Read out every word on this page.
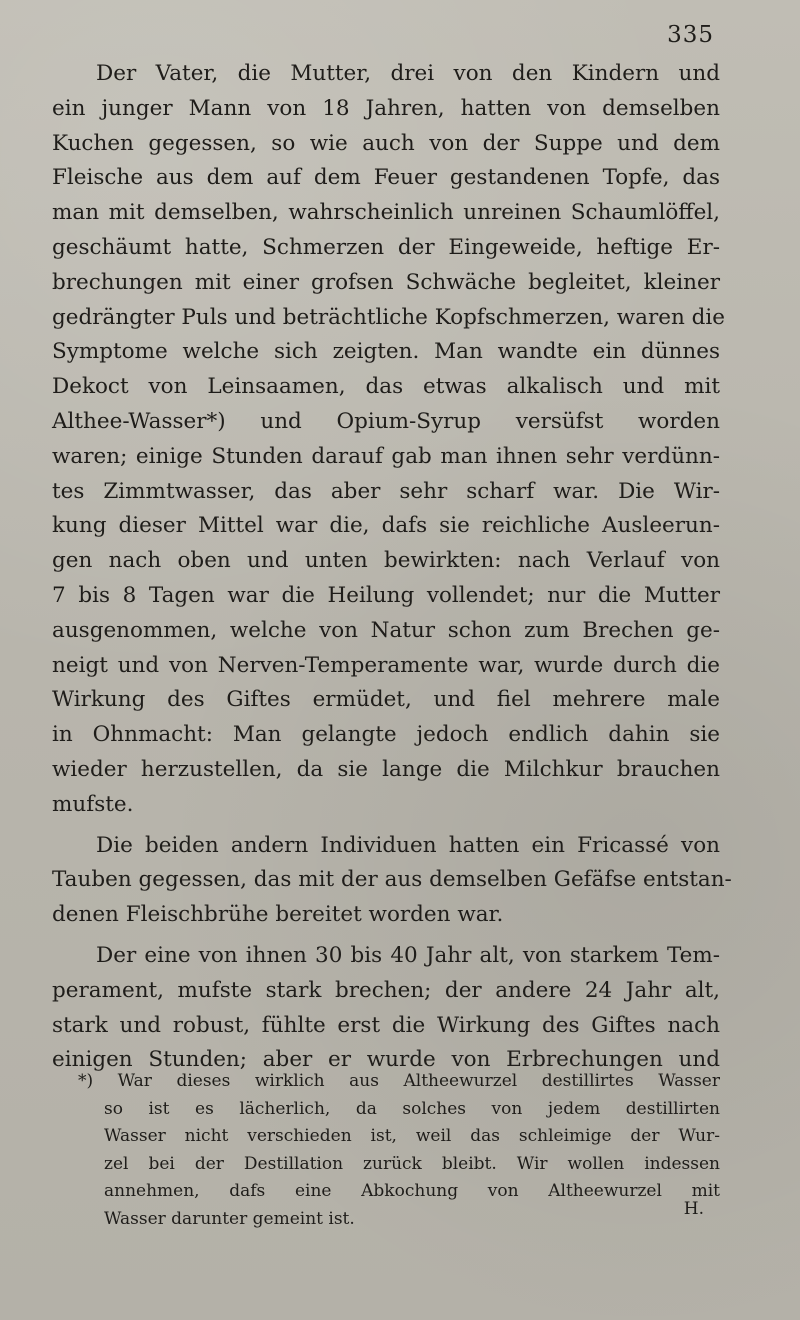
335
Der Vater, die Mutter, drei von den Kindern und
ein junger Mann von 18 Jahren, hatten von demselben
Kuchen gegessen, so wie auch von der Suppe und dem
Fleische aus dem auf dem Feuer gestandenen Topfe, das
man mit demselben, wahrscheinlich unreinen Schaumlöffel,
geschäumt hatte, Schmerzen der Eingeweide, heftige Er-
brechungen mit einer grofsen Schwäche begleitet, kleiner
gedrängter Puls und beträchtliche Kopfschmerzen, waren die
Symptome welche sich zeigten. Man wandte ein dünnes
Dekoct von Leinsaamen, das etwas alkalisch und mit
Althee-Wasser*) und Opium-Syrup versüfst worden
waren; einige Stunden darauf gab man ihnen sehr verdünn-
tes Zimmtwasser, das aber sehr scharf war. Die Wir-
kung dieser Mittel war die, dafs sie reichliche Ausleerun-
gen nach oben und unten bewirkten: nach Verlauf von
7 bis 8 Tagen war die Heilung vollendet; nur die Mutter
ausgenommen, welche von Natur schon zum Brechen ge-
neigt und von Nerven-Temperamente war, wurde durch die
Wirkung des Giftes ermüdet, und fiel mehrere male
in Ohnmacht: Man gelangte jedoch endlich dahin sie
wieder herzustellen, da sie lange die Milchkur brauchen
mufste.
Die beiden andern Individuen hatten ein Fricassé von
Tauben gegessen, das mit der aus demselben Gefäfse entstan-
denen Fleischbrühe bereitet worden war.
Der eine von ihnen 30 bis 40 Jahr alt, von starkem Tem-
perament, mufste stark brechen; der andere 24 Jahr alt,
stark und robust, fühlte erst die Wirkung des Giftes nach
einigen Stunden; aber er wurde von Erbrechungen und
*) War dieses wirklich aus Altheewurzel destillirtes Wasser
so ist es lächerlich, da solches von jedem destillirten
Wasser nicht verschieden ist, weil das schleimige der Wur-
zel bei der Destillation zurück bleibt. Wir wollen indessen
annehmen, dafs eine Abkochung von Altheewurzel mit
Wasser darunter gemeint ist.	H.
